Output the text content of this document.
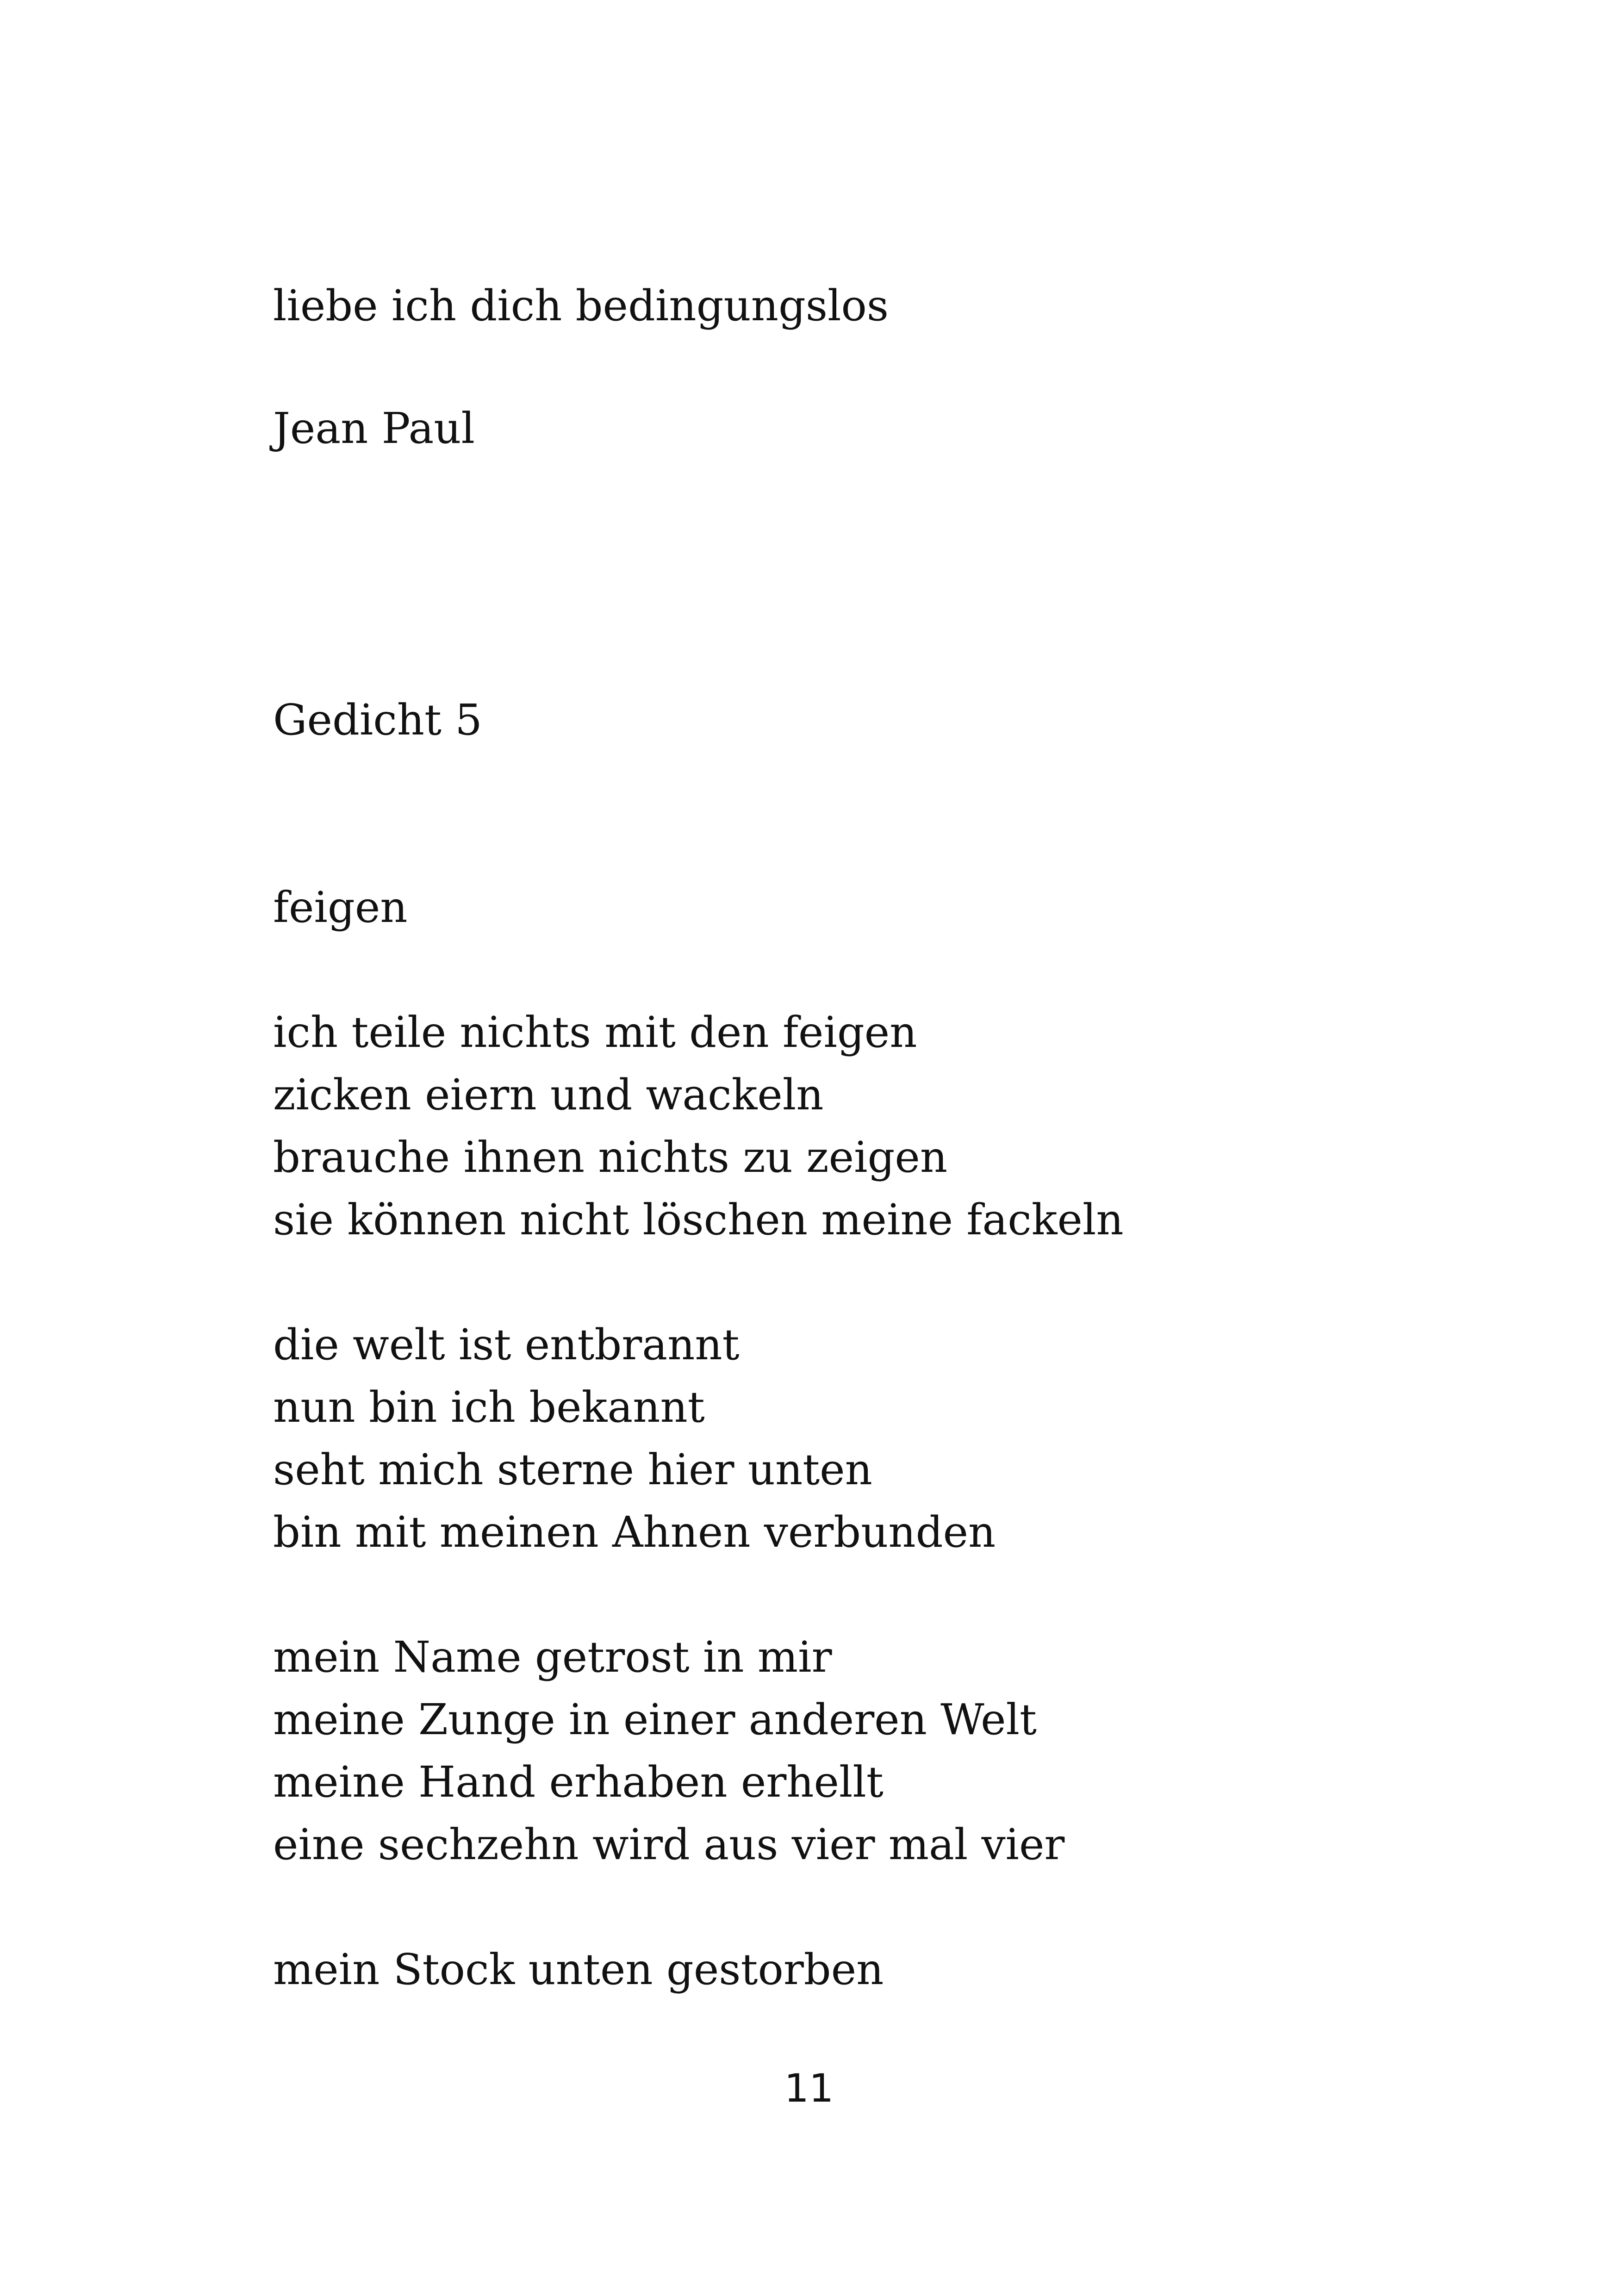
liebe ich dich bedingungslos
Jean Paul
Gedicht 5
feigen
ich teile nichts mit den feigen
zicken eiern und wackeln
brauche ihnen nichts zu zeigen
sie können nicht löschen meine fackeln
die welt ist entbrannt
nun bin ich bekannt
seht mich sterne hier unten
bin mit meinen Ahnen verbunden
mein Name getrost in mir
meine Zunge in einer anderen Welt
meine Hand erhaben erhellt
eine sechzehn wird aus vier mal vier
mein Stock unten gestorben
11
